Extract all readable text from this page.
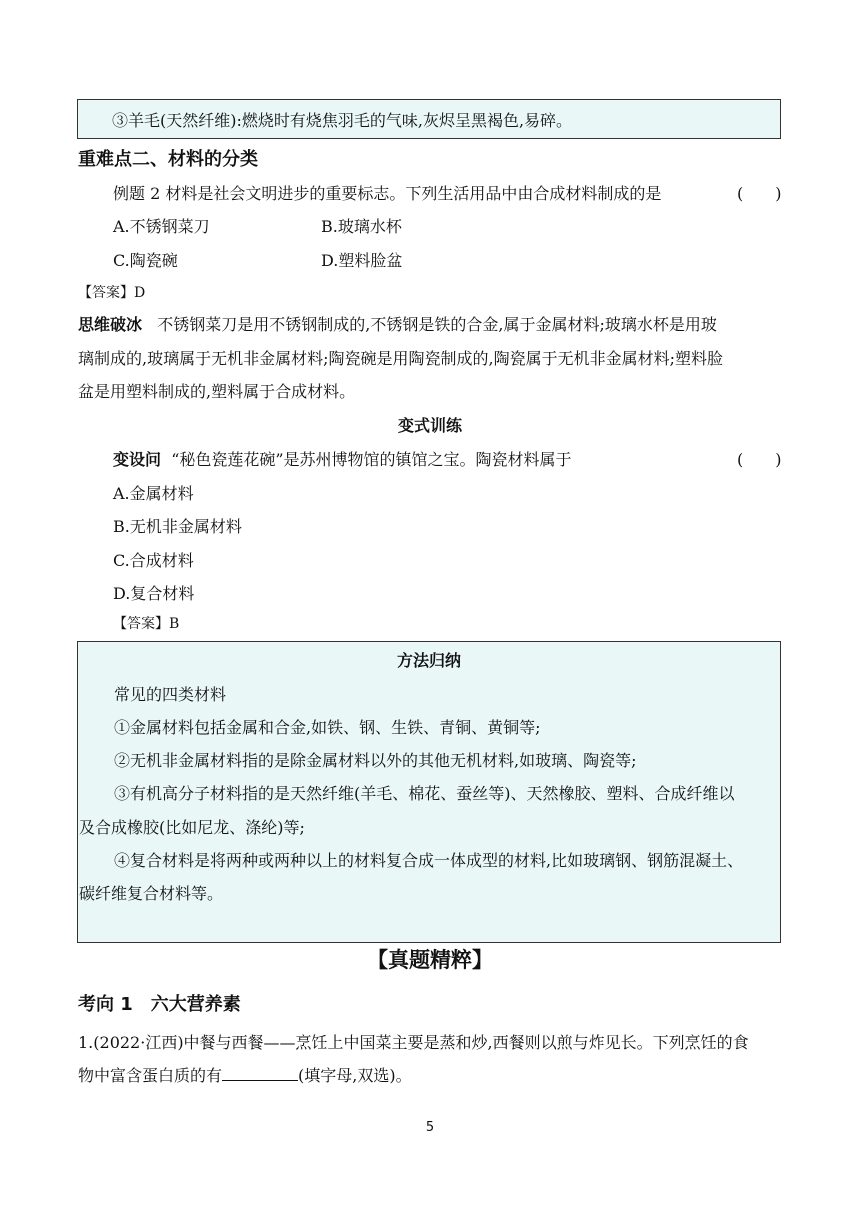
③羊毛(天然纤维):燃烧时有烧焦羽毛的气味,灰烬呈黑褐色,易碎。
重难点二、材料的分类
例题 2 材料是社会文明进步的重要标志。下列生活用品中由合成材料制成的是	(　　)
A.不锈钢菜刀	B.玻璃水杯
C.陶瓷碗	D.塑料脸盆
【答案】D
思维破冰 不锈钢菜刀是用不锈钢制成的,不锈钢是铁的合金,属于金属材料;玻璃水杯是用玻
璃制成的,玻璃属于无机非金属材料;陶瓷碗是用陶瓷制成的,陶瓷属于无机非金属材料;塑料脸
盆是用塑料制成的,塑料属于合成材料。
变式训练
变设问 “秘色瓷莲花碗”是苏州博物馆的镇馆之宝。陶瓷材料属于	(　　)
A.金属材料
B.无机非金属材料
C.合成材料
D.复合材料
【答案】B
方法归纳
常见的四类材料
①金属材料包括金属和合金,如铁、钢、生铁、青铜、黄铜等;
②无机非金属材料指的是除金属材料以外的其他无机材料,如玻璃、陶瓷等;
③有机高分子材料指的是天然纤维(羊毛、棉花、蚕丝等)、天然橡胶、塑料、合成纤维以
及合成橡胶(比如尼龙、涤纶)等;
④复合材料是将两种或两种以上的材料复合成一体成型的材料,比如玻璃钢、钢筋混凝土、
碳纤维复合材料等。
【真题精粹】
考向 1　六大营养素
1.(2022·江西)中餐与西餐——烹饪上中国菜主要是蒸和炒,西餐则以煎与炸见长。下列烹饪的食
物中富含蛋白质的有	(填字母,双选)。
5
